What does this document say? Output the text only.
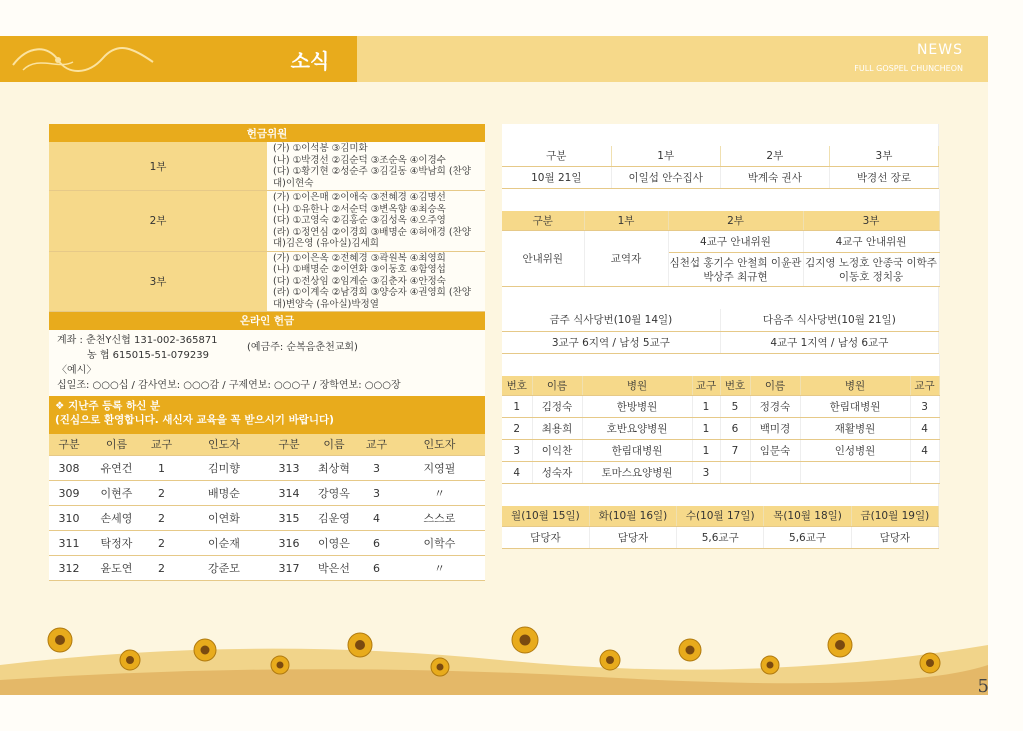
소식	NEWS
FULL GOSPEL CHUNCHEON
헌금위원	
1부	(가) ①이석봉 ③김미화
(나) ①박경선 ②김순덕 ③조순옥 ④이경수
(다) ①황기현 ②성순주 ③김길동 ④박남희 (찬양대)이현숙

2부	(가) ①이은매 ②이애숙 ③전혜경 ④김명선
(나) ①유한나 ②서순덕 ③변옥향 ④최승옥
(다) ①고영숙 ②김홍순 ③김성옥 ④오주영
(라) ①정연심 ②이경희 ③배명순 ④허애경 (찬양대)김은영 (유아실)김세희

3부	(가) ①이은옥 ②전혜경 ③곽원복 ④최영희
(나) ①배명순 ②이연화 ③이동호 ④함영섭
(다) ①전상임 ②임계순 ③김춘자 ④안정숙
(라) ①이계숙 ②남경희 ③양승자 ④권영희 (찬양대)변양숙 (유아실)박정열

온라인 헌금	
계좌 : 춘천Y신협 131-002-365871
농 협 615015-51-079239
(예금주: 순복음춘천교회)
〈예시〉
십일조: ○○○십 / 감사연보: ○○○감 / 구제연보: ○○○구 / 장학연보: ○○○장
❖ 지난주 등록 하신 분
(진심으로 환영합니다. 새신자 교육을 꼭 받으시기 바랍니다)
구분	이름	교구	인도자	구분	이름	교구	인도자
308	유연건	1	김미향	313	최상혁	3	지영필
309	이현주	2	배명순	314	강영옥	3	〃
310	손세영	2	이연화	315	김운영	4	스스로
311	탁정자	2	이순재	316	이영은	6	이학수
312	윤도연	2	강준모	317	박은선	6	〃
기도위원			
구분	1부	2부	3부
10월 21일	이일섭 안수집사	박계숙 권사	박경선 장로
봉사위원 (10월)			
구분	1부	2부	3부
안내위원	교역자	4교구 안내위원	4교구 안내위원
		심천섭 홍기수 안철희 이윤관 박상주 최규현	김지영 노정호 안종국 이학주 이동호 정치웅
식사당번	
금주 식사당번(10월 14일)	다음주 식사당번(10월 21일)
3교구 6지역 / 남성 5교구	4교구 1지역 / 남성 6교구
환우소식							
번호	이름	병원	교구	번호	이름	병원	교구
1	김정숙	한방병원	1	5	정경숙	한림대병원	3
2	최용희	호반요양병원	1	6	백미경	재활병원	4
3	이익찬	한림대병원	1	7	임문숙	인성병원	4
4	성숙자	토마스요양병원	3				
혜민사랑의집 식사당번				
월(10월 15일)	화(10월 16일)	수(10월 17일)	목(10월 18일)	금(10월 19일)
담당자	담당자	5,6교구	5,6교구	담당자
5
